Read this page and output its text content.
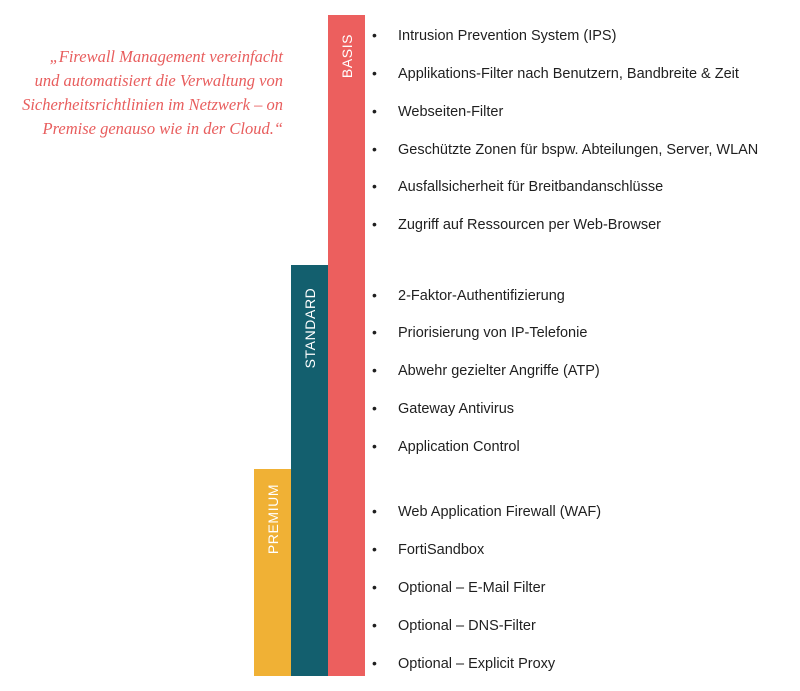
„Firewall Management vereinfacht
und automatisiert die Verwaltung von
Sicherheitsrichtlinien im Netzwerk – on
Premise genauso wie in der Cloud.“
BASIS
STANDARD
PREMIUM
• Intrusion Prevention System (IPS)
• Applikations-Filter nach Benutzern, Bandbreite & Zeit
• Webseiten-Filter
• Geschützte Zonen für bspw. Abteilungen, Server, WLAN
• Ausfallsicherheit für Breitbandanschlüsse
• Zugriff auf Ressourcen per Web-Browser
• 2-Faktor-Authentifizierung
• Priorisierung von IP-Telefonie
• Abwehr gezielter Angriffe (ATP)
• Gateway Antivirus
• Application Control
• Web Application Firewall (WAF)
• FortiSandbox
• Optional – E-Mail Filter
• Optional – DNS-Filter
• Optional – Explicit Proxy
